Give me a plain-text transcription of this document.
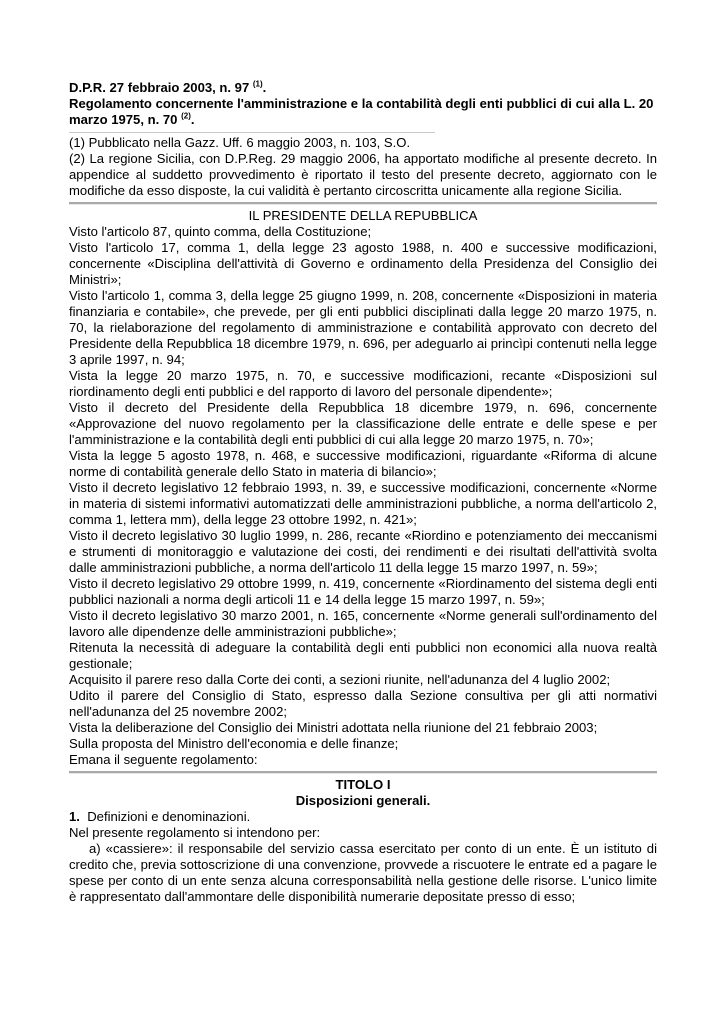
D.P.R. 27 febbraio 2003, n. 97 $^{(1)}$.

Regolamento concernente l'amministrazione e la contabilità degli enti pubblici di cui alla L. 20 marzo 1975, n. 70 $^{(2)}$.

(1) Pubblicato nella Gazz. Uff. 6 maggio 2003, n. 103, S.O.

(2) La regione Sicilia, con D.P.Reg. 29 maggio 2006, ha apportato modifiche al presente decreto. In appendice al suddetto provvedimento è riportato il testo del presente decreto, aggiornato con le modifiche da esso disposte, la cui validità è pertanto circoscritta unicamente alla regione Sicilia.

IL PRESIDENTE DELLA REPUBBLICA

Visto l'articolo 87, quinto comma, della Costituzione;

Visto l'articolo 17, comma 1, della legge 23 agosto 1988, n. 400 e successive modificazioni, concernente «Disciplina dell'attività di Governo e ordinamento della Presidenza del Consiglio dei Ministri»;

Visto l'articolo 1, comma 3, della legge 25 giugno 1999, n. 208, concernente «Disposizioni in materia finanziaria e contabile», che prevede, per gli enti pubblici disciplinati dalla legge 20 marzo 1975, n. 70, la rielaborazione del regolamento di amministrazione e contabilità approvato con decreto del Presidente della Repubblica 18 dicembre 1979, n. 696, per adeguarlo ai princìpi contenuti nella legge 3 aprile 1997, n. 94;

Vista la legge 20 marzo 1975, n. 70, e successive modificazioni, recante «Disposizioni sul riordinamento degli enti pubblici e del rapporto di lavoro del personale dipendente»;

Visto il decreto del Presidente della Repubblica 18 dicembre 1979, n. 696, concernente «Approvazione del nuovo regolamento per la classificazione delle entrate e delle spese e per l'amministrazione e la contabilità degli enti pubblici di cui alla legge 20 marzo 1975, n. 70»;

Vista la legge 5 agosto 1978, n. 468, e successive modificazioni, riguardante «Riforma di alcune norme di contabilità generale dello Stato in materia di bilancio»;

Visto il decreto legislativo 12 febbraio 1993, n. 39, e successive modificazioni, concernente «Norme in materia di sistemi informativi automatizzati delle amministrazioni pubbliche, a norma dell'articolo 2, comma 1, lettera mm), della legge 23 ottobre 1992, n. 421»;

Visto il decreto legislativo 30 luglio 1999, n. 286, recante «Riordino e potenziamento dei meccanismi e strumenti di monitoraggio e valutazione dei costi, dei rendimenti e dei risultati dell'attività svolta dalle amministrazioni pubbliche, a norma dell'articolo 11 della legge 15 marzo 1997, n. 59»;

Visto il decreto legislativo 29 ottobre 1999, n. 419, concernente «Riordinamento del sistema degli enti pubblici nazionali a norma degli articoli 11 e 14 della legge 15 marzo 1997, n. 59»;

Visto il decreto legislativo 30 marzo 2001, n. 165, concernente «Norme generali sull'ordinamento del lavoro alle dipendenze delle amministrazioni pubbliche»;

Ritenuta la necessità di adeguare la contabilità degli enti pubblici non economici alla nuova realtà gestionale;

Acquisito il parere reso dalla Corte dei conti, a sezioni riunite, nell'adunanza del 4 luglio 2002;

Udito il parere del Consiglio di Stato, espresso dalla Sezione consultiva per gli atti normativi nell'adunanza del 25 novembre 2002;

Vista la deliberazione del Consiglio dei Ministri adottata nella riunione del 21 febbraio 2003;

Sulla proposta del Ministro dell'economia e delle finanze;

Emana il seguente regolamento:

TITOLO I

Disposizioni generali.

1. Definizioni e denominazioni.

Nel presente regolamento si intendono per:

a) «cassiere»: il responsabile del servizio cassa esercitato per conto di un ente. È un istituto di credito che, previa sottoscrizione di una convenzione, provvede a riscuotere le entrate ed a pagare le spese per conto di un ente senza alcuna corresponsabilità nella gestione delle risorse. L'unico limite è rappresentato dall'ammontare delle disponibilità numerarie depositate presso di esso;
